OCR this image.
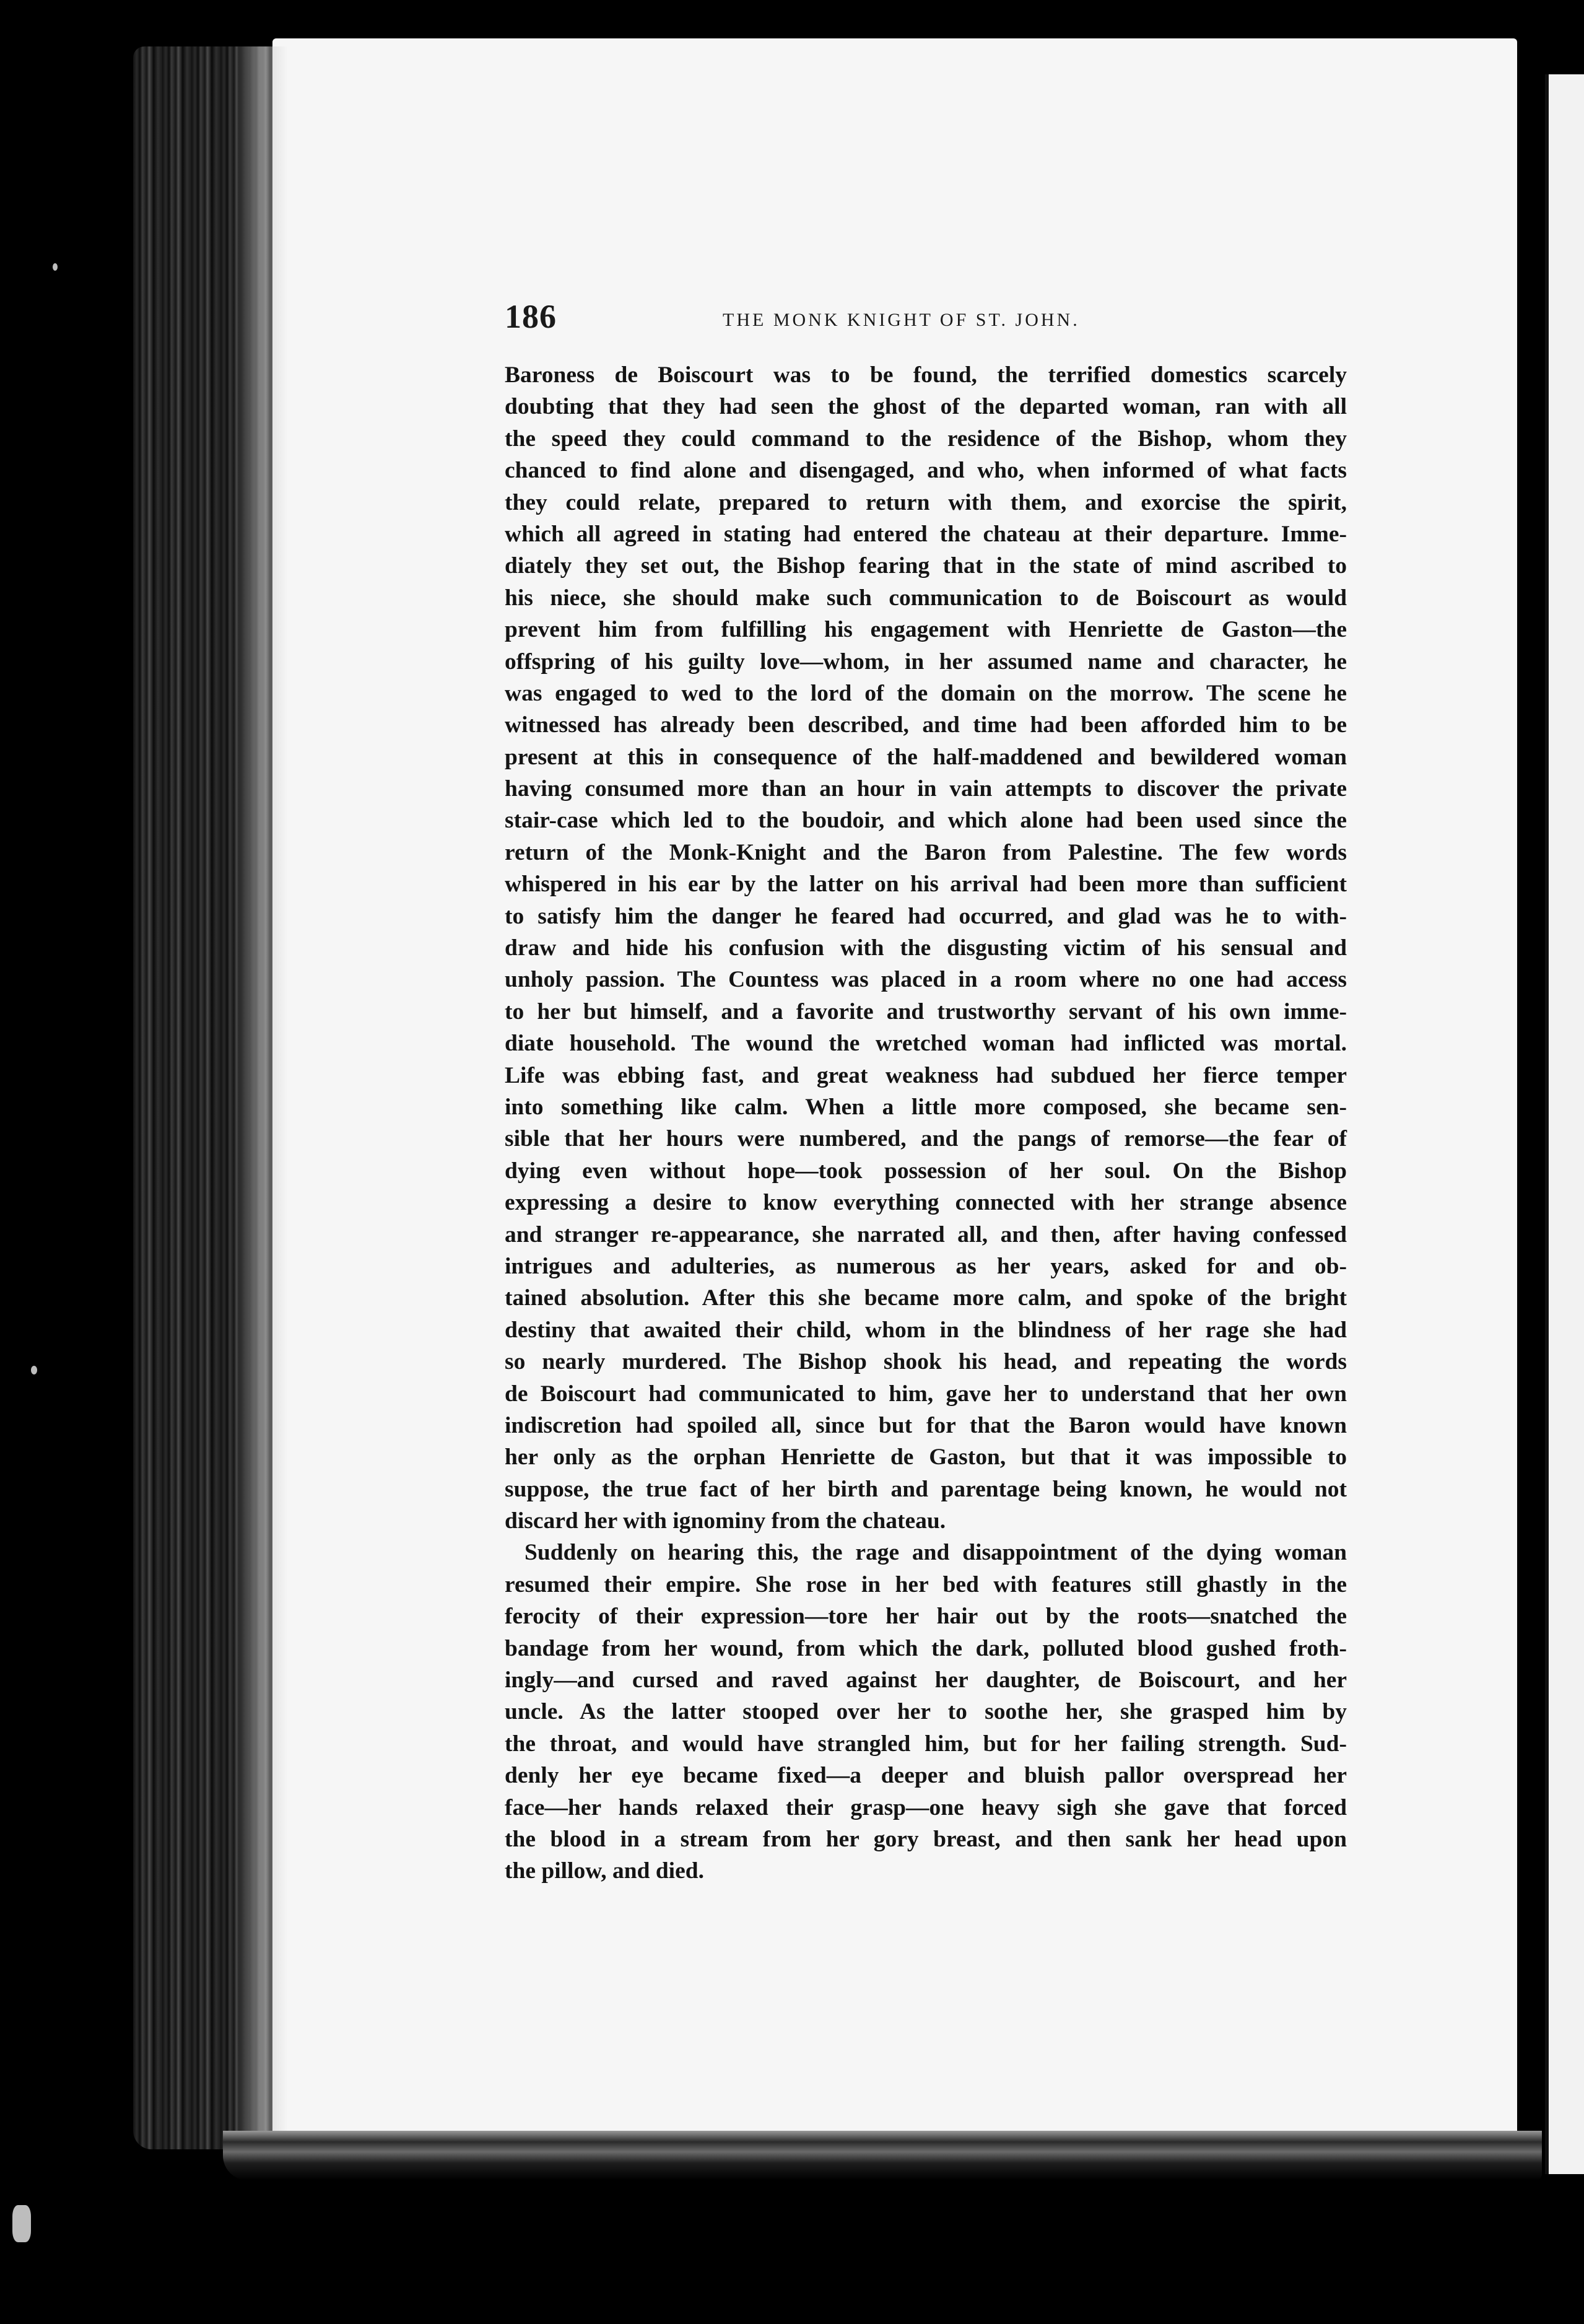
186	THE MONK KNIGHT OF ST. JOHN.
Baroness de Boiscourt was to be found, the terrified domestics scarcely
doubting that they had seen the ghost of the departed woman, ran with all
the speed they could command to the residence of the Bishop, whom they
chanced to find alone and disengaged, and who, when informed of what facts
they could relate, prepared to return with them, and exorcise the spirit,
which all agreed in stating had entered the chateau at their departure. Imme-
diately they set out, the Bishop fearing that in the state of mind ascribed to
his niece, she should make such communication to de Boiscourt as would
prevent him from fulfilling his engagement with Henriette de Gaston—the
offspring of his guilty love—whom, in her assumed name and character, he
was engaged to wed to the lord of the domain on the morrow. The scene he
witnessed has already been described, and time had been afforded him to be
present at this in consequence of the half-maddened and bewildered woman
having consumed more than an hour in vain attempts to discover the private
stair-case which led to the boudoir, and which alone had been used since the
return of the Monk-Knight and the Baron from Palestine. The few words
whispered in his ear by the latter on his arrival had been more than sufficient
to satisfy him the danger he feared had occurred, and glad was he to with-
draw and hide his confusion with the disgusting victim of his sensual and
unholy passion. The Countess was placed in a room where no one had access
to her but himself, and a favorite and trustworthy servant of his own imme-
diate household. The wound the wretched woman had inflicted was mortal.
Life was ebbing fast, and great weakness had subdued her fierce temper
into something like calm. When a little more composed, she became sen-
sible that her hours were numbered, and the pangs of remorse—the fear of
dying even without hope—took possession of her soul. On the Bishop
expressing a desire to know everything connected with her strange absence
and stranger re-appearance, she narrated all, and then, after having confessed
intrigues and adulteries, as numerous as her years, asked for and ob-
tained absolution. After this she became more calm, and spoke of the bright
destiny that awaited their child, whom in the blindness of her rage she had
so nearly murdered. The Bishop shook his head, and repeating the words
de Boiscourt had communicated to him, gave her to understand that her own
indiscretion had spoiled all, since but for that the Baron would have known
her only as the orphan Henriette de Gaston, but that it was impossible to
suppose, the true fact of her birth and parentage being known, he would not
discard her with ignominy from the chateau.
Suddenly on hearing this, the rage and disappointment of the dying woman
resumed their empire. She rose in her bed with features still ghastly in the
ferocity of their expression—tore her hair out by the roots—snatched the
bandage from her wound, from which the dark, polluted blood gushed froth-
ingly—and cursed and raved against her daughter, de Boiscourt, and her
uncle. As the latter stooped over her to soothe her, she grasped him by
the throat, and would have strangled him, but for her failing strength. Sud-
denly her eye became fixed—a deeper and bluish pallor overspread her
face—her hands relaxed their grasp—one heavy sigh she gave that forced
the blood in a stream from her gory breast, and then sank her head upon
the pillow, and died.
